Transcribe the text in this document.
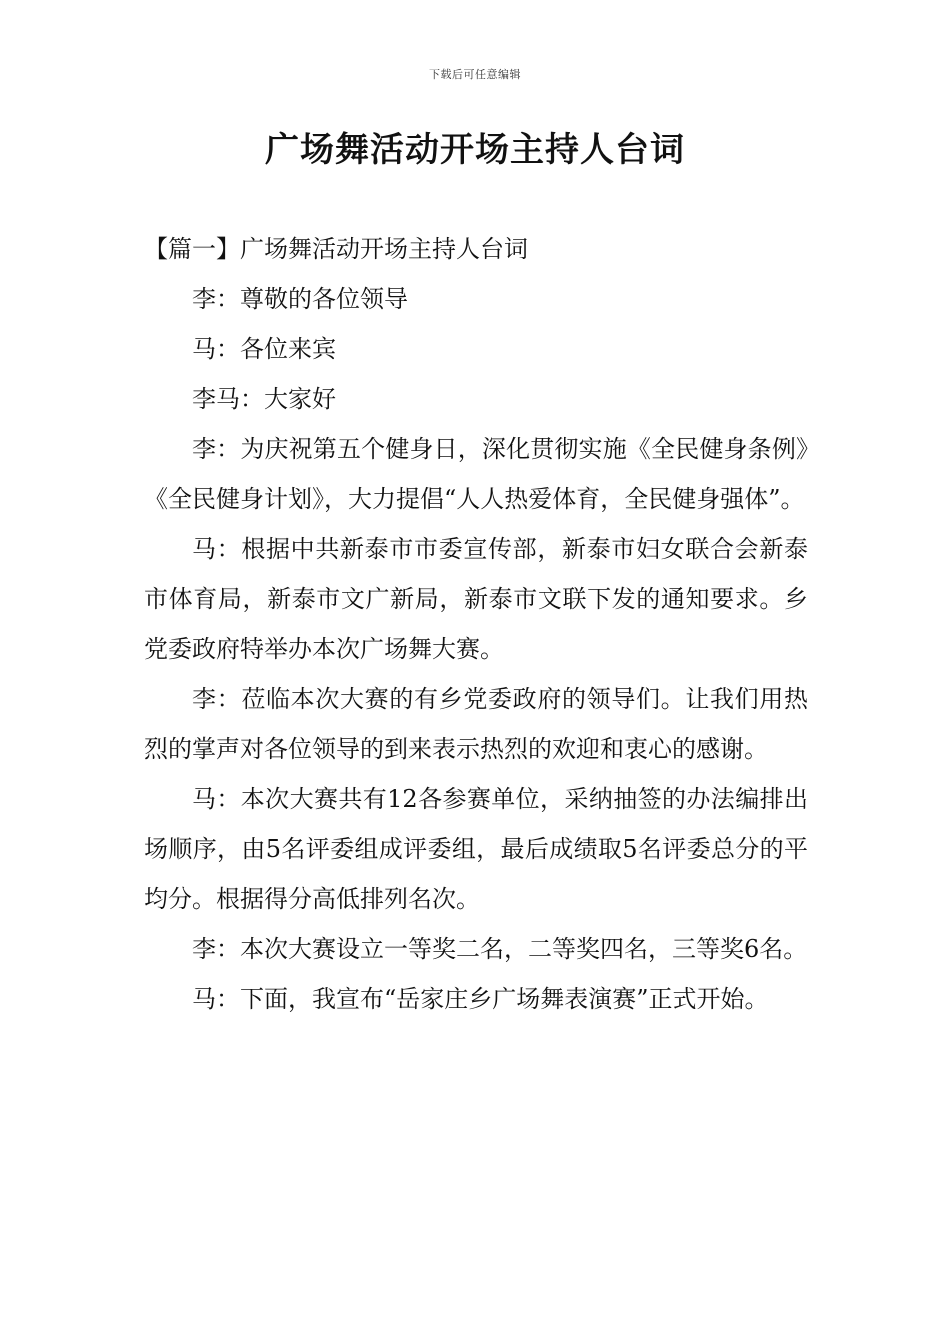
下载后可任意编辑
广场舞活动开场主持人台词

【篇一】广场舞活动开场主持人台词

李：尊敬的各位领导

马：各位来宾

李马：大家好

李：为庆祝第五个健身日，深化贯彻实施《全民健身条例》《全民健身计划》，大力提倡“人人热爱体育，全民健身强体”。

马：根据中共新泰市市委宣传部，新泰市妇女联合会新泰市体育局，新泰市文广新局，新泰市文联下发的通知要求。乡党委政府特举办本次广场舞大赛。

李：莅临本次大赛的有乡党委政府的领导们。让我们用热烈的掌声对各位领导的到来表示热烈的欢迎和衷心的感谢。

马：本次大赛共有12各参赛单位，采纳抽签的办法编排出场顺序，由5名评委组成评委组，最后成绩取5名评委总分的平均分。根据得分高低排列名次。

李：本次大赛设立一等奖二名，二等奖四名，三等奖6名。

马：下面，我宣布“岳家庄乡广场舞表演赛”正式开始。
